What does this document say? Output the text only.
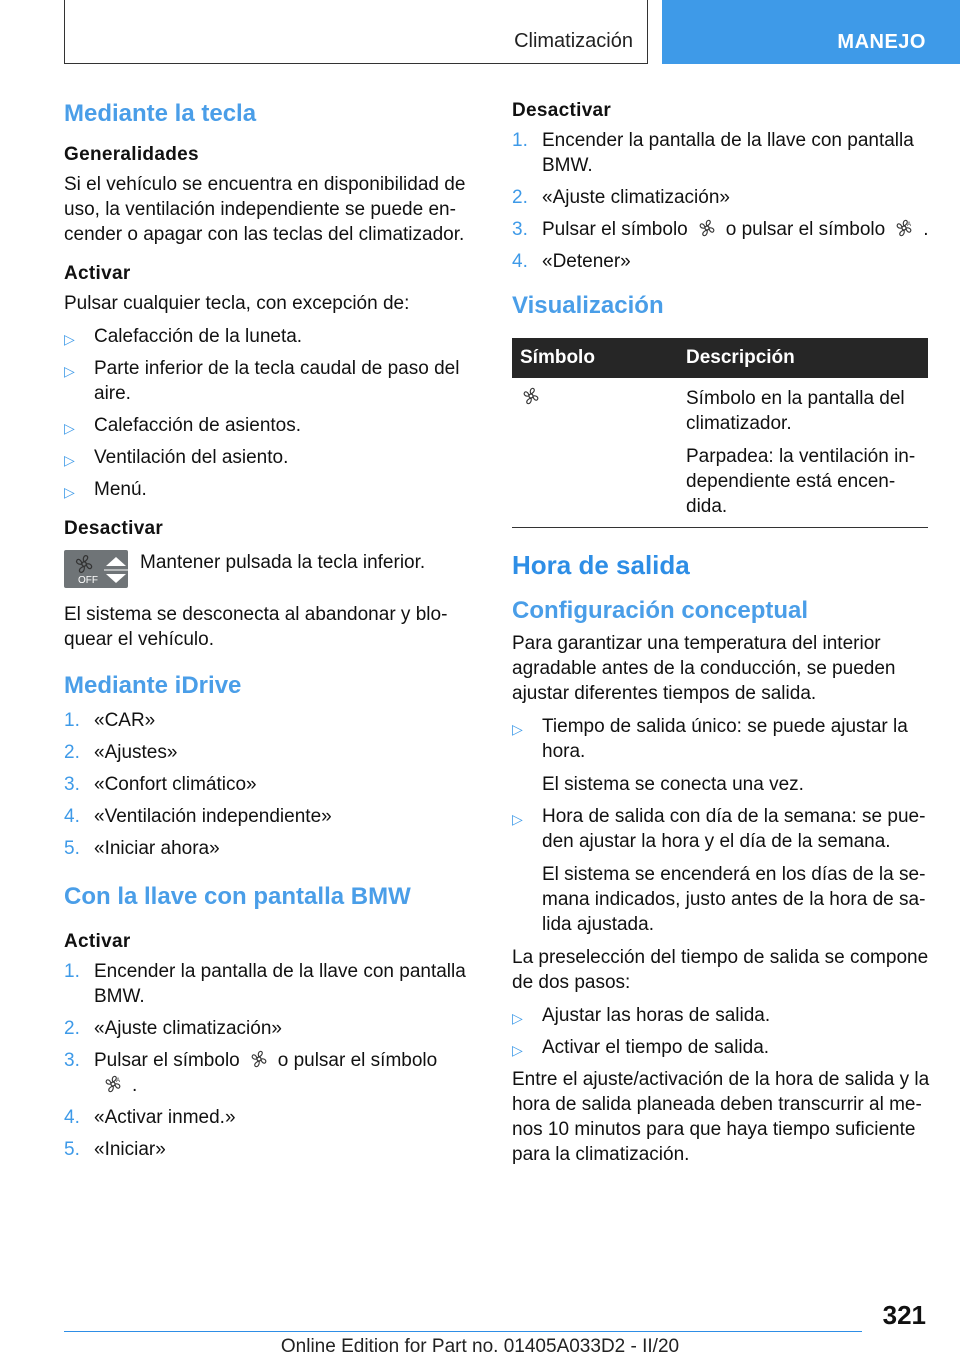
Climatización	MANEJO
Mediante la tecla
Generalidades
Si el vehículo se encuentra en disponibilidad de uso, la ventilación independiente se puede encender o apagar con las teclas del climatizador.
Activar
Pulsar cualquier tecla, con excepción de:
▷ Calefacción de la luneta.
▷ Parte inferior de la tecla caudal de paso del aire.
▷ Calefacción de asientos.
▷ Ventilación del asiento.
▷ Menú.
Desactivar
OFF
Mantener pulsada la tecla inferior.
El sistema se desconecta al abandonar y bloquear el vehículo.
Mediante iDrive
1. «CAR»
2. «Ajustes»
3. «Confort climático»
4. «Ventilación independiente»
5. «Iniciar ahora»
Con la llave con pantalla BMW
Activar
1. Encender la pantalla de la llave con pantalla BMW.
2. «Ajuste climatización»
3. Pulsar el símbolo o pulsar el símbolo
A .
4. «Activar inmed.»
5. «Iniciar»
Desactivar
1. Encender la pantalla de la llave con pantalla BMW.
2. «Ajuste climatización»
3. Pulsar el símbolo o pulsar el símbolo	A .
4. «Detener»
Visualización
Símbolo	Descripción

Símbolo en la pantalla del climatizador.
Parpadea: la ventilación independiente está encendida.
Hora de salida
Configuración conceptual
Para garantizar una temperatura del interior agradable antes de la conducción, se pueden ajustar diferentes tiempos de salida.
▷ Tiempo de salida único: se puede ajustar la hora.
El sistema se conecta una vez.
▷ Hora de salida con día de la semana: se pueden ajustar la hora y el día de la semana.
El sistema se encenderá en los días de la semana indicados, justo antes de la hora de salida ajustada.
La preselección del tiempo de salida se compone de dos pasos:
▷ Ajustar las horas de salida.
▷ Activar el tiempo de salida.
Entre el ajuste/activación de la hora de salida y la hora de salida planeada deben transcurrir al menos 10 minutos para que haya tiempo suficiente para la climatización.
321
Online Edition for Part no. 01405A033D2 - II/20
